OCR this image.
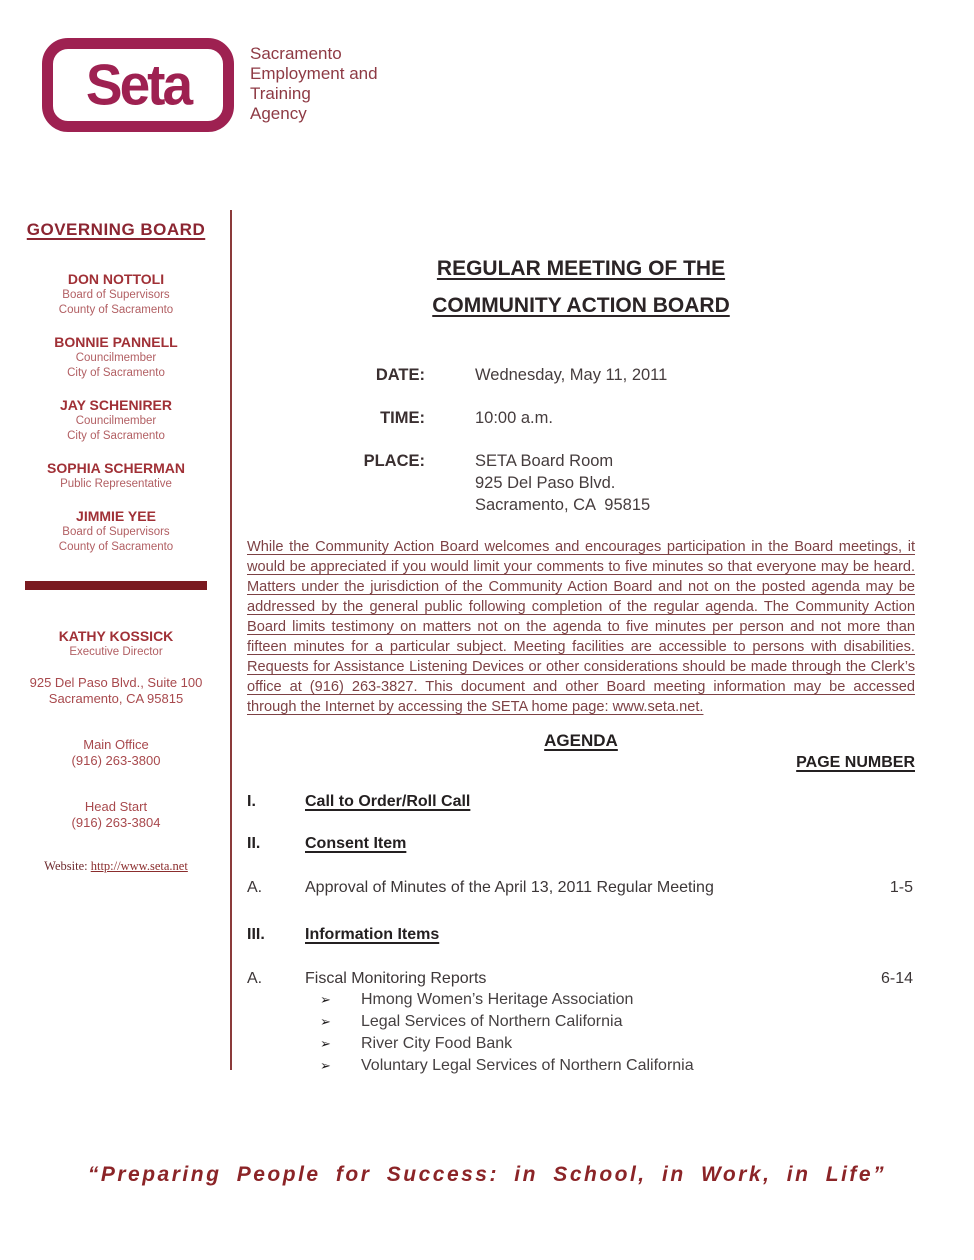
Seta	Sacramento
Employment and
Training
Agency
GOVERNING BOARD
DON NOTTOLI
Board of Supervisors
County of Sacramento
BONNIE PANNELL
Councilmember
City of Sacramento
JAY SCHENIRER
Councilmember
City of Sacramento
SOPHIA SCHERMAN
Public Representative
JIMMIE YEE
Board of Supervisors
County of Sacramento
KATHY KOSSICK
Executive Director
925 Del Paso Blvd., Suite 100
Sacramento, CA 95815
Main Office
(916) 263-3800
Head Start
(916) 263-3804
Website: http://www.seta.net
REGULAR MEETING OF THE
COMMUNITY ACTION BOARD
DATE:	Wednesday, May 11, 2011
TIME:	10:00 a.m.
PLACE:	SETA Board Room
925 Del Paso Blvd.
Sacramento, CA  95815

While the Community Action Board welcomes and encourages participation in the Board meetings, it would be appreciated if you would limit your comments to five minutes so that everyone may be heard. Matters under the jurisdiction of the Community Action Board and not on the posted agenda may be addressed by the general public following completion of the regular agenda. The Community Action Board limits testimony on matters not on the agenda to five minutes per person and not more than fifteen minutes for a particular subject. Meeting facilities are accessible to persons with disabilities. Requests for Assistance Listening Devices or other considerations should be made through the Clerk’s office at (916) 263-3827. This document and other Board meeting information may be accessed through the Internet by accessing the SETA home page: www.seta.net.

AGENDA
PAGE NUMBER
I.	Call to Order/Roll Call
II.	Consent Item
A.	Approval of Minutes of the April 13, 2011 Regular Meeting	1-5
III.	Information Items
A.	Fiscal Monitoring Reports	6-14
➢	Hmong Women’s Heritage Association
➢	Legal Services of Northern California
➢	River City Food Bank
➢	Voluntary Legal Services of Northern California
“Preparing People for Success: in School, in Work, in Life”
